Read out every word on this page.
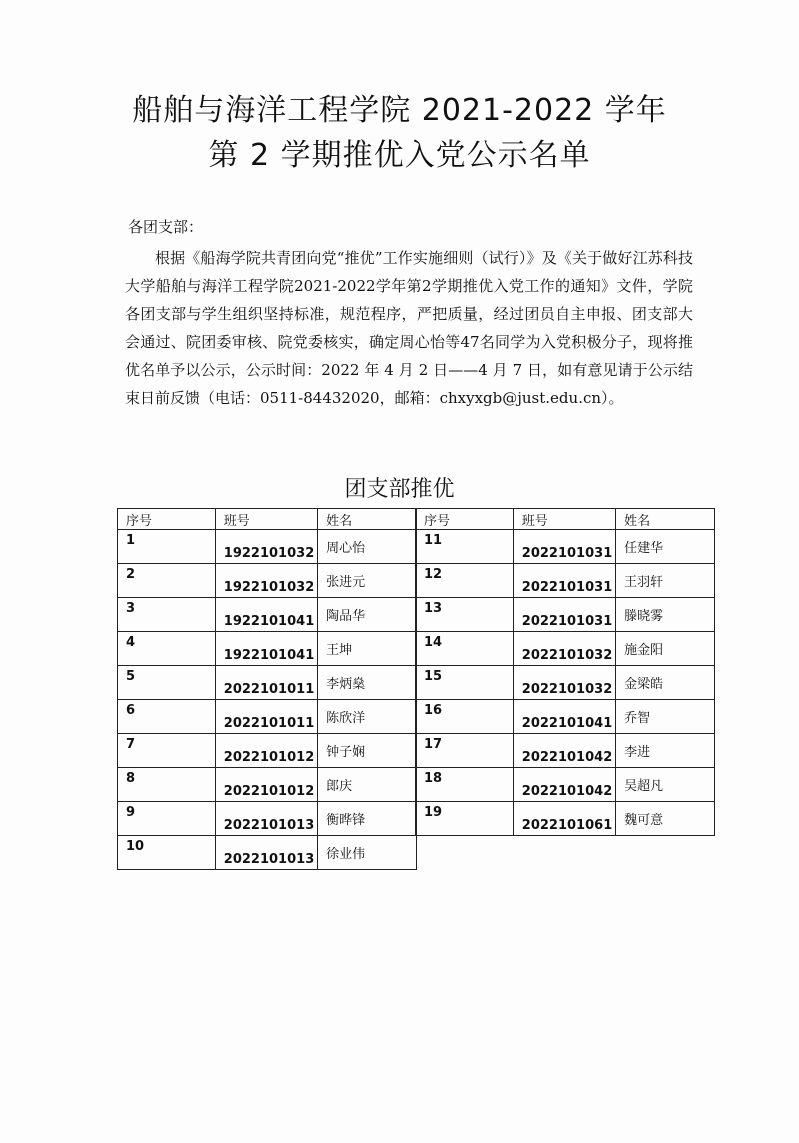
船舶与海洋工程学院 2021-2022 学年
第 2 学期推优入党公示名单
各团支部：
根据《船海学院共青团向党“推优”工作实施细则（试行）》及《关于做好江苏科技大学船舶与海洋工程学院2021-2022学年第2学期推优入党工作的通知》文件，学院各团支部与学生组织坚持标准，规范程序，严把质量，经过团员自主申报、团支部大会通过、院团委审核、院党委核实，确定周心怡等47名同学为入党积极分子，现将推优名单予以公示，公示时间：2022 年 4 月 2 日——4 月 7 日，如有意见请于公示结束日前反馈（电话：0511-84432020，邮箱：chxyxgb@just.edu.cn）。
团支部推优
序号	班号	姓名
1	1922101032	周心怡
2	1922101032	张进元
3	1922101041	陶品华
4	1922101041	王坤
5	2022101011	李炳燊
6	2022101011	陈欣洋
7	2022101012	钟子娴
8	2022101012	郎庆
9	2022101013	衡晔锋
10	2022101013	徐业伟
序号	班号	姓名
11	2022101031	任建华
12	2022101031	王羽轩
13	2022101031	滕晓雾
14	2022101032	施金阳
15	2022101032	金梁皓
16	2022101041	乔智
17	2022101042	李进
18	2022101042	吴超凡
19	2022101061	魏可意
